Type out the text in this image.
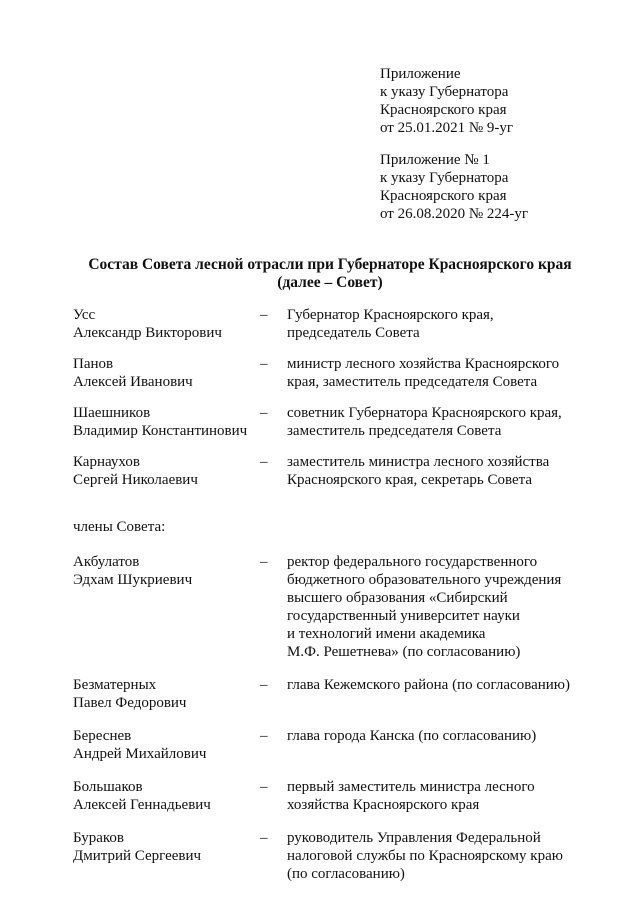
Приложение
к указу Губернатора
Красноярского края
от 25.01.2021 № 9-уг
Приложение № 1
к указу Губернатора
Красноярского края
от 26.08.2020 № 224-уг
Состав Совета лесной отрасли при Губернаторе Красноярского края
(далее – Совет)
Усс
Александр Викторович
–	Губернатор Красноярского края,
председатель Совета
Панов
Алексей Иванович
–	министр лесного хозяйства Красноярского
края, заместитель председателя Совета
Шаешников
Владимир Константинович
–	советник Губернатора Красноярского края,
заместитель председателя Совета
Карнаухов
Сергей Николаевич
–	заместитель министра лесного хозяйства
Красноярского края, секретарь Совета
члены Совета:
Акбулатов
Эдхам Шукриевич
–	ректор федерального государственного
бюджетного образовательного учреждения
высшего образования «Сибирский
государственный университет науки
и технологий имени академика
М.Ф. Решетнева» (по согласованию)
Безматерных
Павел Федорович
–	глава Кежемского района (по согласованию)
Береснев
Андрей Михайлович
–	глава города Канска (по согласованию)
Большаков
Алексей Геннадьевич
–	первый заместитель министра лесного
хозяйства Красноярского края
Бураков
Дмитрий Сергеевич
–	руководитель Управления Федеральной
налоговой службы по Красноярскому краю
(по согласованию)
